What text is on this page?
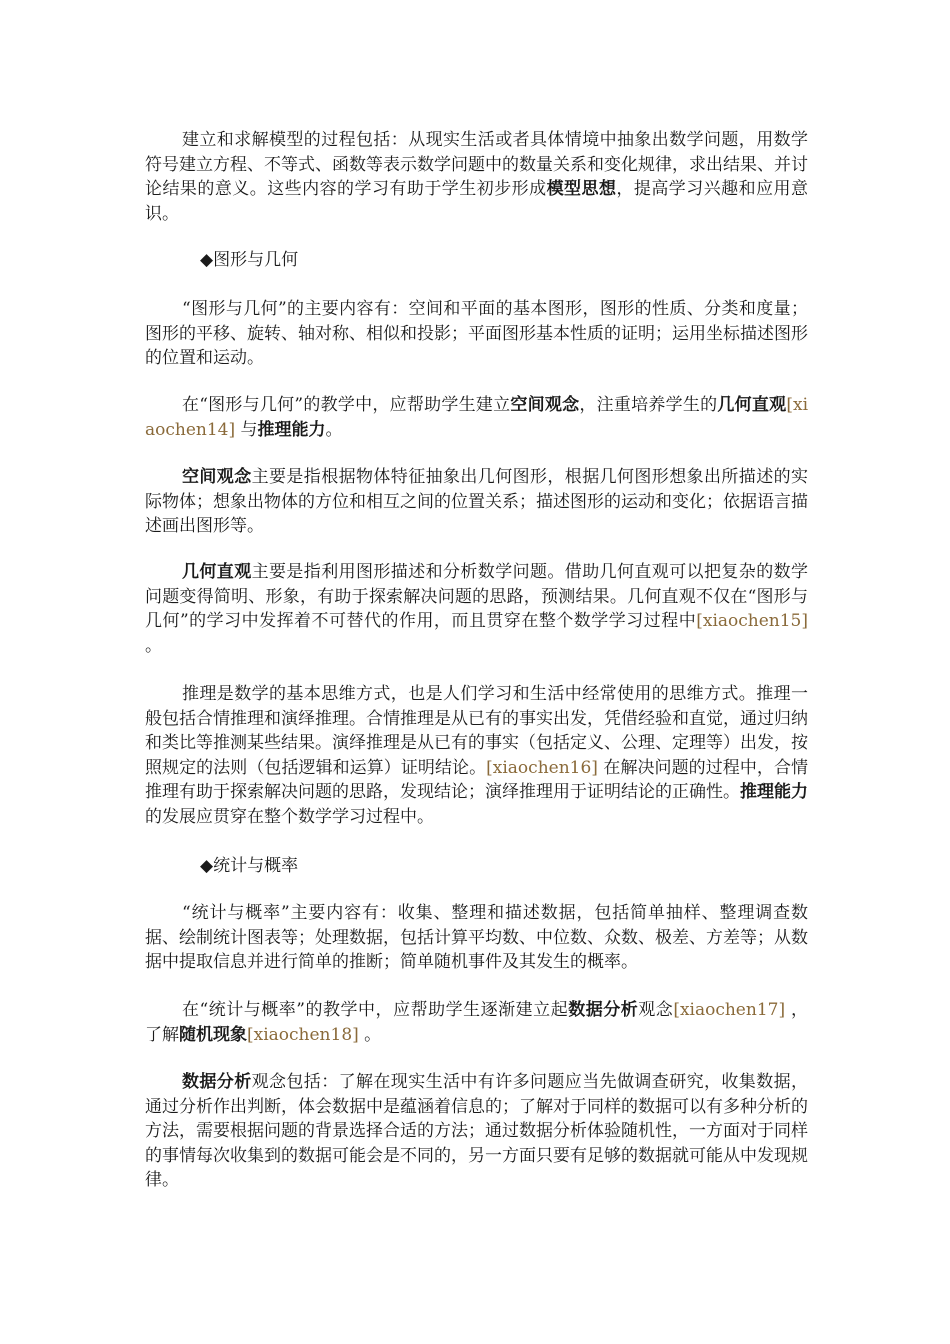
建立和求解模型的过程包括：从现实生活或者具体情境中抽象出数学问题，用数学符号建立方程、不等式、函数等表示数学问题中的数量关系和变化规律，求出结果、并讨论结果的意义。这些内容的学习有助于学生初步形成模型思想，提高学习兴趣和应用意识。

◆图形与几何

“图形与几何”的主要内容有：空间和平面的基本图形，图形的性质、分类和度量；图形的平移、旋转、轴对称、相似和投影；平面图形基本性质的证明；运用坐标描述图形的位置和运动。

在“图形与几何”的教学中，应帮助学生建立空间观念，注重培养学生的几何直观[xiaochen14] 与推理能力。

空间观念主要是指根据物体特征抽象出几何图形，根据几何图形想象出所描述的实际物体；想象出物体的方位和相互之间的位置关系；描述图形的运动和变化；依据语言描述画出图形等。

几何直观主要是指利用图形描述和分析数学问题。借助几何直观可以把复杂的数学问题变得简明、形象，有助于探索解决问题的思路，预测结果。几何直观不仅在“图形与几何”的学习中发挥着不可替代的作用，而且贯穿在整个数学学习过程中[xiaochen15] 。

推理是数学的基本思维方式，也是人们学习和生活中经常使用的思维方式。推理一般包括合情推理和演绎推理。合情推理是从已有的事实出发，凭借经验和直觉，通过归纳和类比等推测某些结果。演绎推理是从已有的事实（包括定义、公理、定理等）出发，按照规定的法则（包括逻辑和运算）证明结论。[xiaochen16] 在解决问题的过程中，合情推理有助于探索解决问题的思路，发现结论；演绎推理用于证明结论的正确性。推理能力的发展应贯穿在整个数学学习过程中。

◆统计与概率

“统计与概率”主要内容有：收集、整理和描述数据，包括简单抽样、整理调查数据、绘制统计图表等；处理数据，包括计算平均数、中位数、众数、极差、方差等；从数据中提取信息并进行简单的推断；简单随机事件及其发生的概率。

在“统计与概率”的教学中，应帮助学生逐渐建立起数据分析观念[xiaochen17] ，了解随机现象[xiaochen18] 。

数据分析观念包括：了解在现实生活中有许多问题应当先做调查研究，收集数据，通过分析作出判断，体会数据中是蕴涵着信息的；了解对于同样的数据可以有多种分析的方法，需要根据问题的背景选择合适的方法；通过数据分析体验随机性，一方面对于同样的事情每次收集到的数据可能会是不同的，另一方面只要有足够的数据就可能从中发现规律。
